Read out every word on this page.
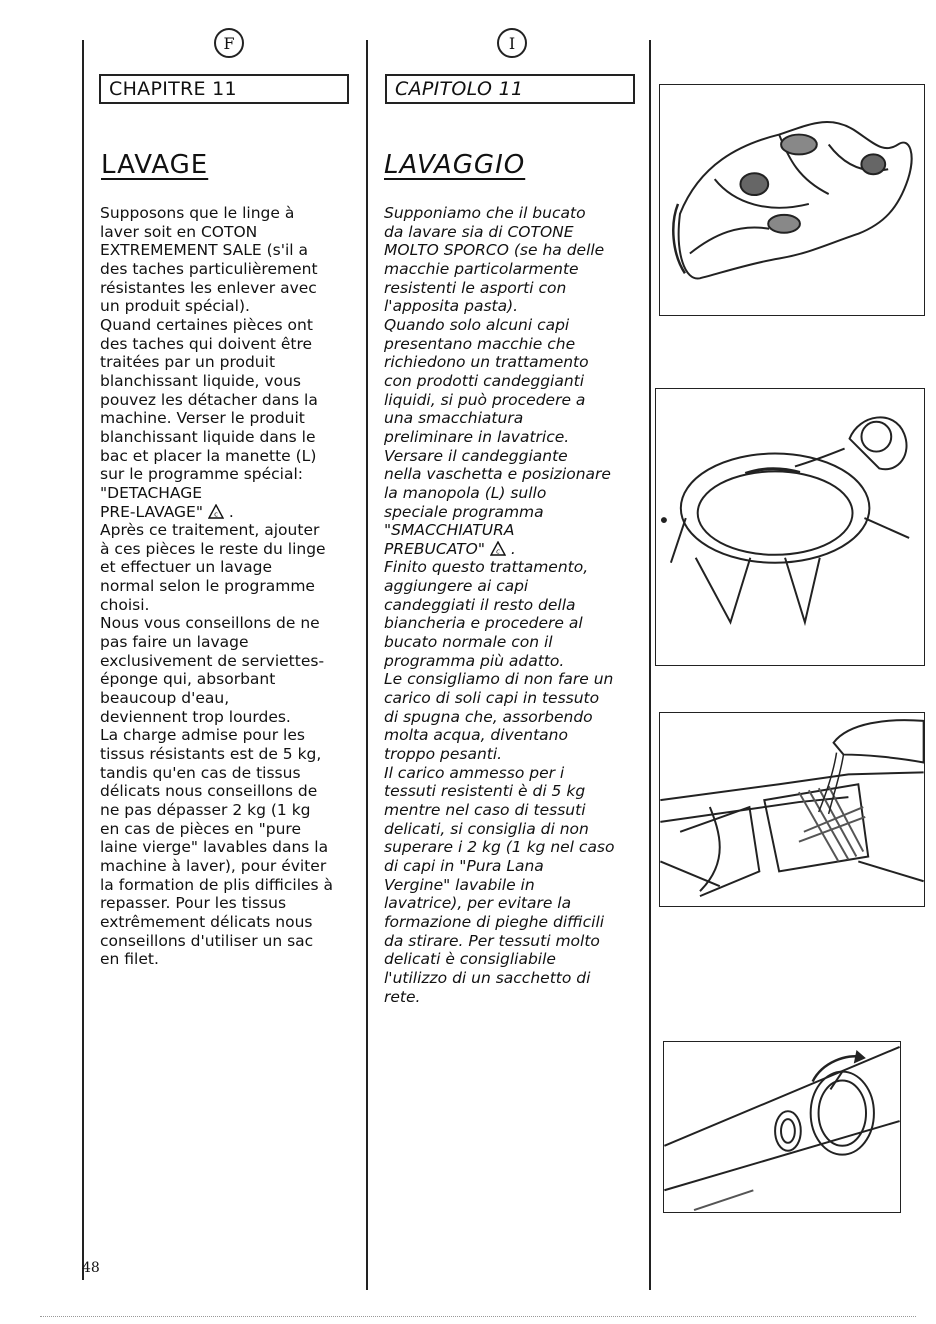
F
CHAPITRE 11
LAVAGE

Supposons que le linge à

laver soit en COTON

EXTREMEMENT SALE (s'il a

des taches particulièrement

résistantes les enlever avec

un produit spécial).

Quand certaines pièces ont

des taches qui doivent être

traitées par un produit

blanchissant liquide, vous

pouvez les détacher dans la

machine. Verser le produit

blanchissant liquide dans le

bac et placer la manette (L)

sur le programme spécial:

"DETACHAGE

PRE-LAVAGE" c .

Après ce traitement, ajouter

à ces pièces le reste du linge

et effectuer un lavage

normal selon le programme

choisi.

Nous vous conseillons de ne

pas faire un lavage

exclusivement de serviettes-

éponge qui, absorbant

beaucoup d'eau,

deviennent trop lourdes.

La charge admise pour les

tissus résistants est de 5 kg,

tandis qu'en cas de tissus

délicats nous conseillons de

ne pas dépasser 2 kg (1 kg

en cas de pièces en "pure

laine vierge" lavables dans la

machine à laver), pour éviter

la formation de plis difficiles à

repasser. Pour les tissus

extrêmement délicats nous

conseillons d'utiliser un sac

en filet.

I
CAPITOLO 11
LAVAGGIO

Supponiamo che il bucato

da lavare sia di COTONE

MOLTO SPORCO (se ha delle

macchie particolarmente

resistenti le asporti con

l'apposita pasta).

Quando solo alcuni capi

presentano macchie che

richiedono un trattamento

con prodotti candeggianti

liquidi, si può procedere a

una smacchiatura

preliminare in lavatrice.

Versare il candeggiante

nella vaschetta e posizionare

la manopola (L) sullo

speciale programma

"SMACCHIATURA

PREBUCATO" c .

Finito questo trattamento,

aggiungere ai capi

candeggiati il resto della

biancheria e procedere al

bucato normale con il

programma più adatto.

Le consigliamo di non fare un

carico di soli capi in tessuto

di spugna che, assorbendo

molta acqua, diventano

troppo pesanti.

Il carico ammesso per i

tessuti resistenti è di 5 kg

mentre nel caso di tessuti

delicati, si consiglia di non

superare i 2 kg (1 kg nel caso

di capi in "Pura Lana

Vergine" lavabile in

lavatrice), per evitare la

formazione di pieghe difficili

da stirare. Per tessuti molto

delicati è consigliabile

l'utilizzo di un sacchetto di

rete.

48
